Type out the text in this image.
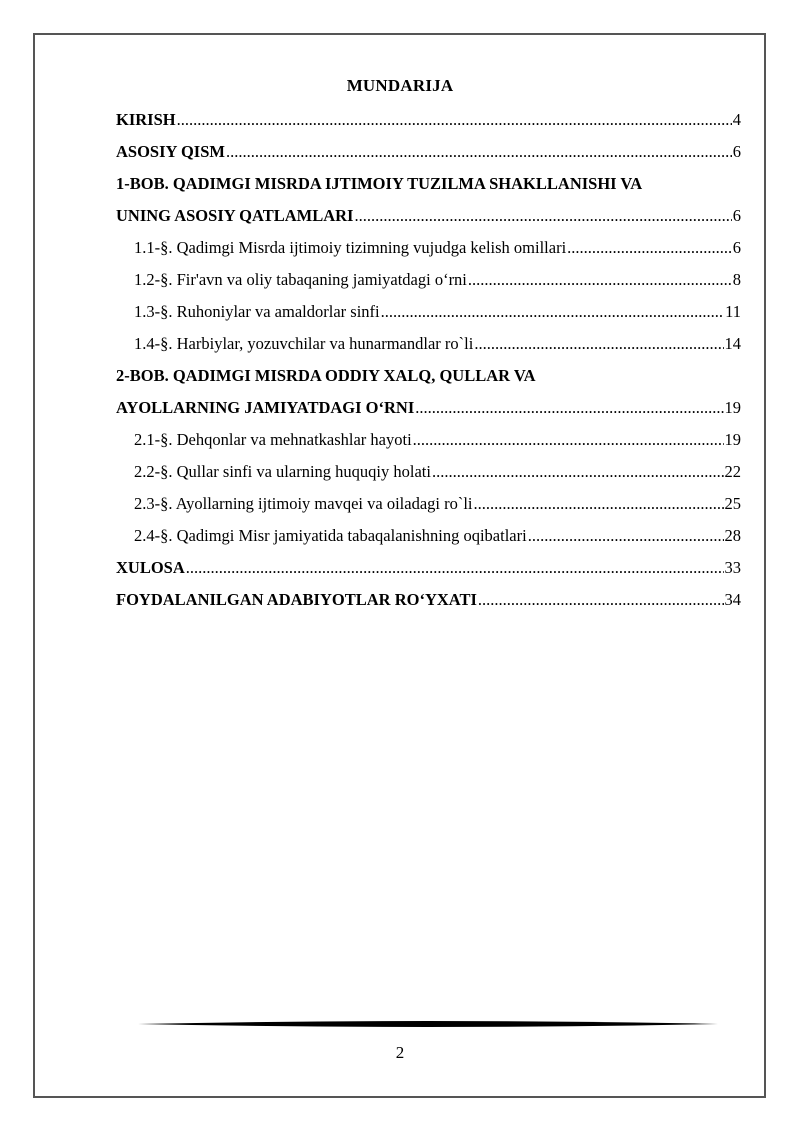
MUNDARIJA
KIRISH .....	4
ASOSIY QISM .....	6
1-BOB. QADIMGI MISRDA IJTIMOIY TUZILMA SHAKLLANISHI VA
UNING ASOSIY QATLAMLARI .....	6
1.1-§. Qadimgi Misrda ijtimoiy tizimning vujudga kelish omillari .....	6
1.2-§. Fir'avn va oliy tabaqaning jamiyatdagi o‘rni .....	8
1.3-§. Ruhoniylar va amaldorlar sinfi .....	11
1.4-§. Harbiylar, yozuvchilar va hunarmandlar ro`li .....	14
2-BOB. QADIMGI MISRDA ODDIY XALQ, QULLAR VA
AYOLLARNING JAMIYATDAGI O‘RNI .....	19
2.1-§. Dehqonlar va mehnatkashlar hayoti .....	19
2.2-§. Qullar sinfi va ularning huquqiy holati .....	22
2.3-§. Ayollarning ijtimoiy mavqei va oiladagi ro`li .....	25
2.4-§. Qadimgi Misr jamiyatida tabaqalanishning oqibatlari .....	28
XULOSA .....	33
FOYDALANILGAN ADABIYOTLAR RO‘YXATI .....	34
2
